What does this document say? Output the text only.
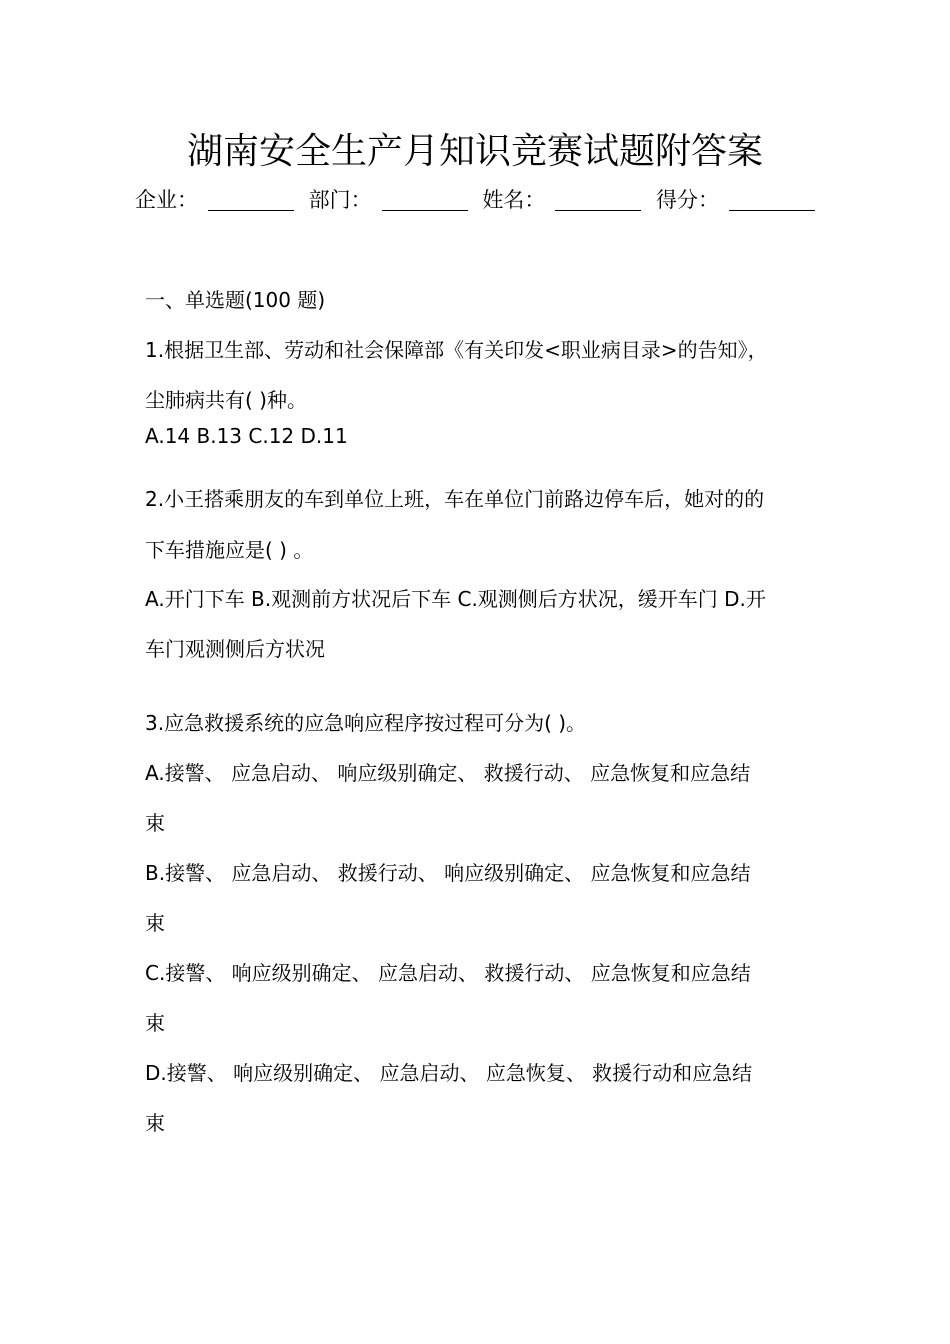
湖南安全生产月知识竞赛试题附答案
企业：	部门：	姓名：	得分：
一、单选题(100 题)
1.根据卫生部、劳动和社会保障部《有关印发<职业病目录>的告知》，
尘肺病共有( )种。
A.14 B.13 C.12 D.11
2.小王搭乘朋友的车到单位上班，车在单位门前路边停车后，她对的的
下车措施应是( ) 。
A.开门下车 B.观测前方状况后下车 C.观测侧后方状况，缓开车门 D.开
车门观测侧后方状况
3.应急救援系统的应急响应程序按过程可分为( )。
A.接警、 应急启动、 响应级别确定、 救援行动、 应急恢复和应急结
束
B.接警、 应急启动、 救援行动、 响应级别确定、 应急恢复和应急结
束
C.接警、 响应级别确定、 应急启动、 救援行动、 应急恢复和应急结
束
D.接警、 响应级别确定、 应急启动、 应急恢复、 救援行动和应急结
束
